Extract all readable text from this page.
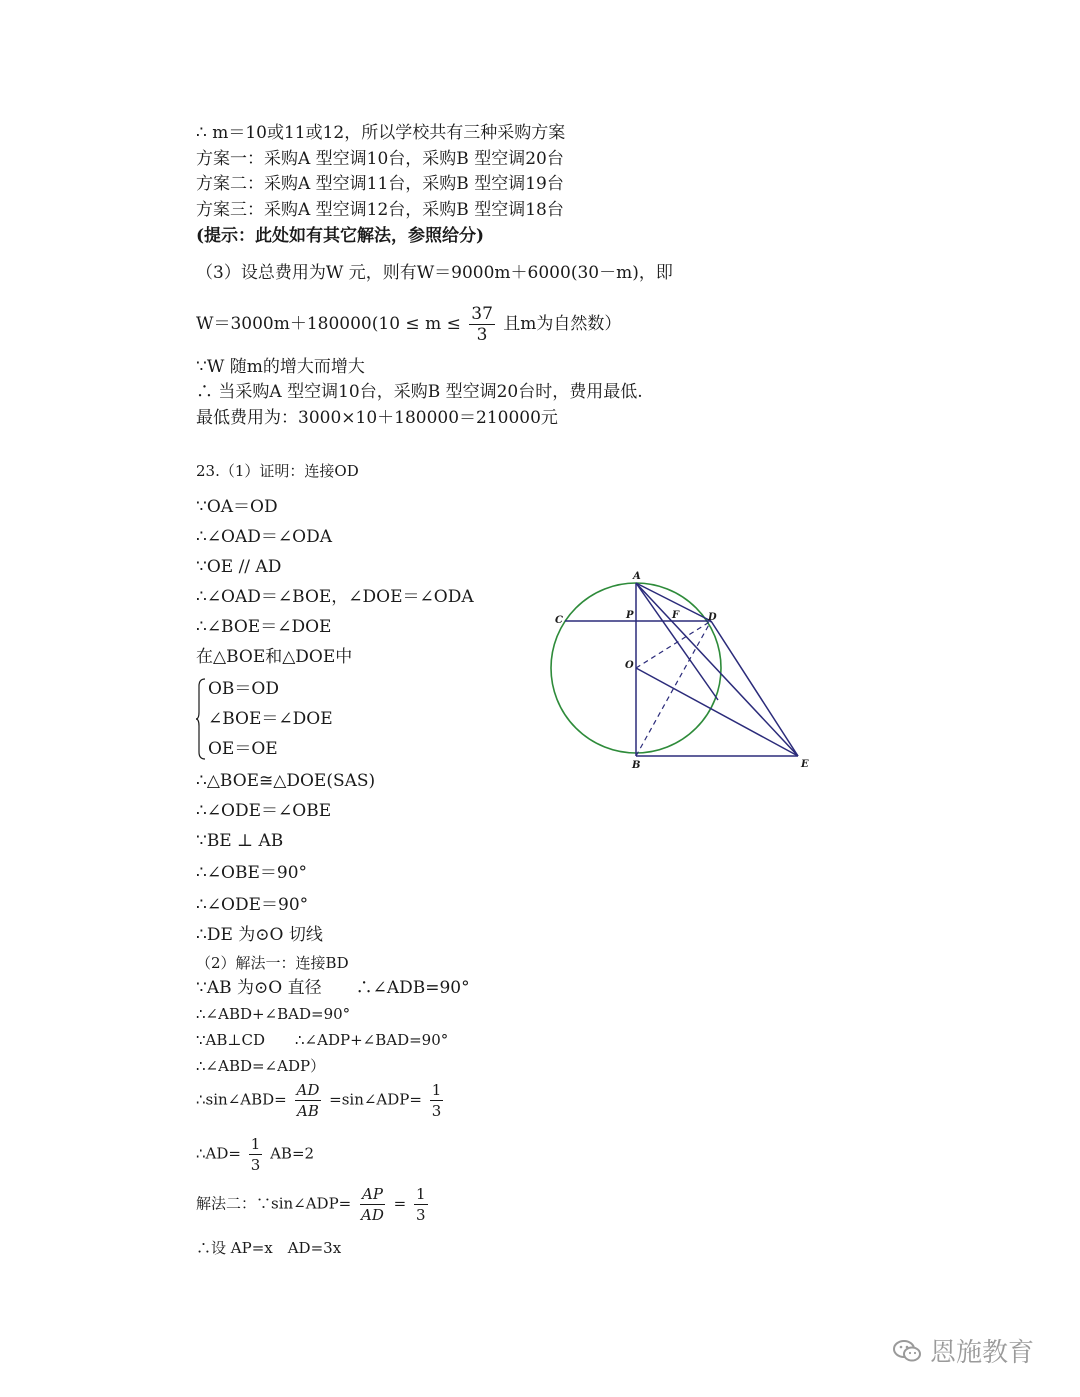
∴ m＝10或11或12，所以学校共有三种采购方案
方案一：采购A 型空调10台，采购B 型空调20台
方案二：采购A 型空调11台，采购B 型空调19台
方案三：采购A 型空调12台，采购B 型空调18台
(提示：此处如有其它解法，参照给分)
（3）设总费用为W 元，则有W＝9000m＋6000(30－m)，即
∵W 随m的增大而增大
∴ 当采购A 型空调10台，采购B 型空调20台时，费用最低.
最低费用为：3000×10＋180000＝210000元
23.（1）证明：连接OD
∵OA＝OD
∴∠OAD＝∠ODA
∵OE // AD
∴∠OAD＝∠BOE，∠DOE＝∠ODA
∴∠BOE＝∠DOE
在△BOE和△DOE中
OB＝OD
∠BOE＝∠DOE
OE＝OE
∴△BOE≅△DOE(SAS)
∴∠ODE＝∠OBE
∵BE ⊥ AB
∴∠OBE＝90°
∴∠ODE＝90°
∴DE 为⊙O 切线
（2）解法一：连接BD
∵AB 为⊙O 直径　　∴∠ADB=90°
∴∠ABD+∠BAD=90°
∵AB⊥CD　　∴∠ADP+∠BAD=90°
∴∠ABD=∠ADP）
∴设 AP=x　AD=3x
$W=3000m+180000(10 \le m \le \frac{37}{3}$ 且m为自然数）
∴sin∠ABD= $\frac{AD}{AB}$ =sin∠ADP= $\frac{1}{3}$
∴AD= $\frac{1}{3} AB=2$
解法二：∵sin∠ADP= $\frac{AP}{AD} = \frac{1}{3}$
A
P	F	D
C
O
B	E
恩施教育
